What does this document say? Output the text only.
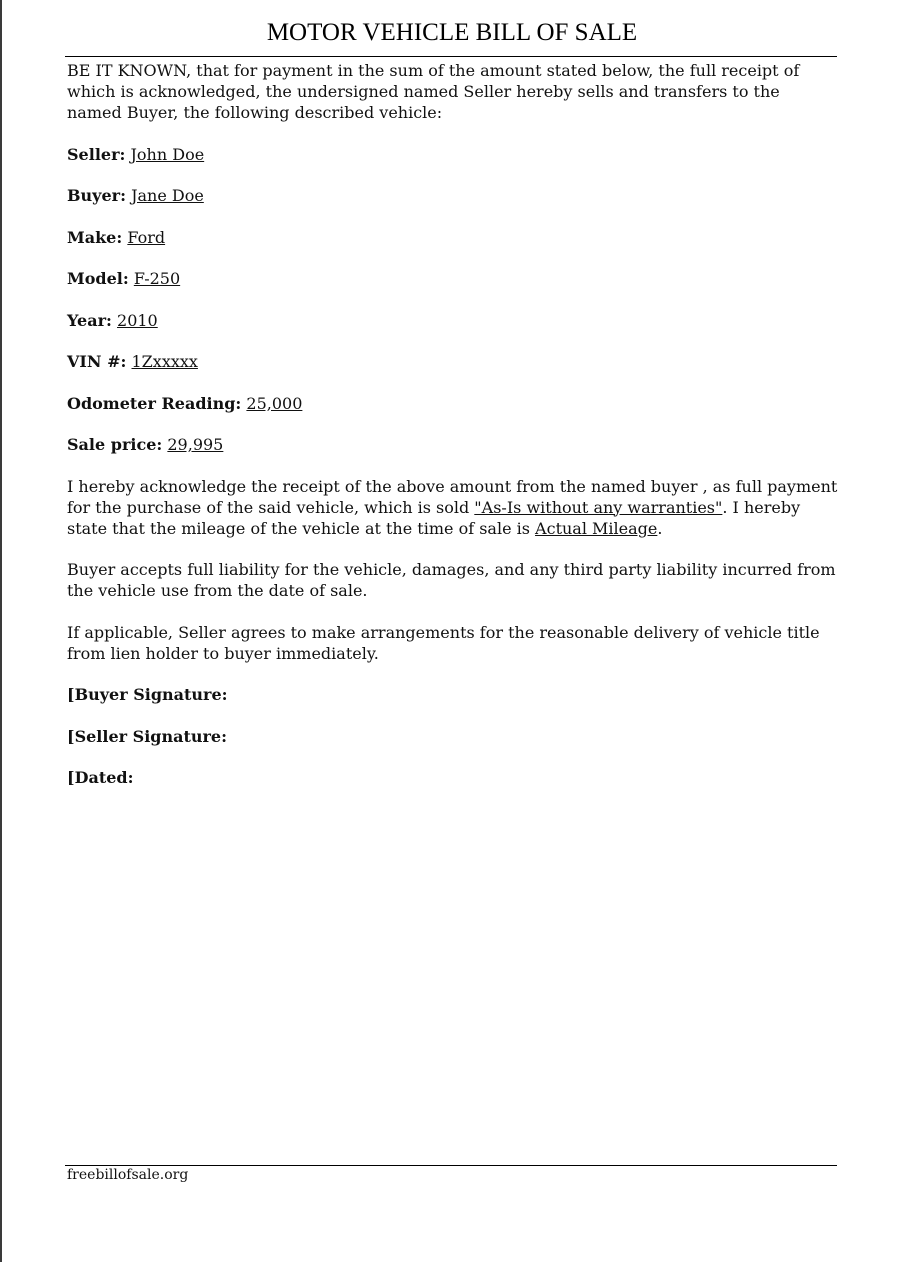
MOTOR VEHICLE BILL OF SALE

BE IT KNOWN, that for payment in the sum of the amount stated below, the full receipt of which is acknowledged, the undersigned named Seller hereby sells and transfers to the named Buyer, the following described vehicle:

Seller: John Doe

Buyer: Jane Doe

Make: Ford

Model: F-250

Year: 2010

VIN #: 1Zxxxxx

Odometer Reading: 25,000

Sale price: 29,995

I hereby acknowledge the receipt of the above amount from the named buyer , as full payment for the purchase of the said vehicle, which is sold "As-Is without any warranties". I hereby state that the mileage of the vehicle at the time of sale is Actual Mileage.

Buyer accepts full liability for the vehicle, damages, and any third party liability incurred from the vehicle use from the date of sale.

If applicable, Seller agrees to make arrangements for the reasonable delivery of vehicle title from lien holder to buyer immediately.

[Buyer Signature:

[Seller Signature:

[Dated:

freebillofsale.org
